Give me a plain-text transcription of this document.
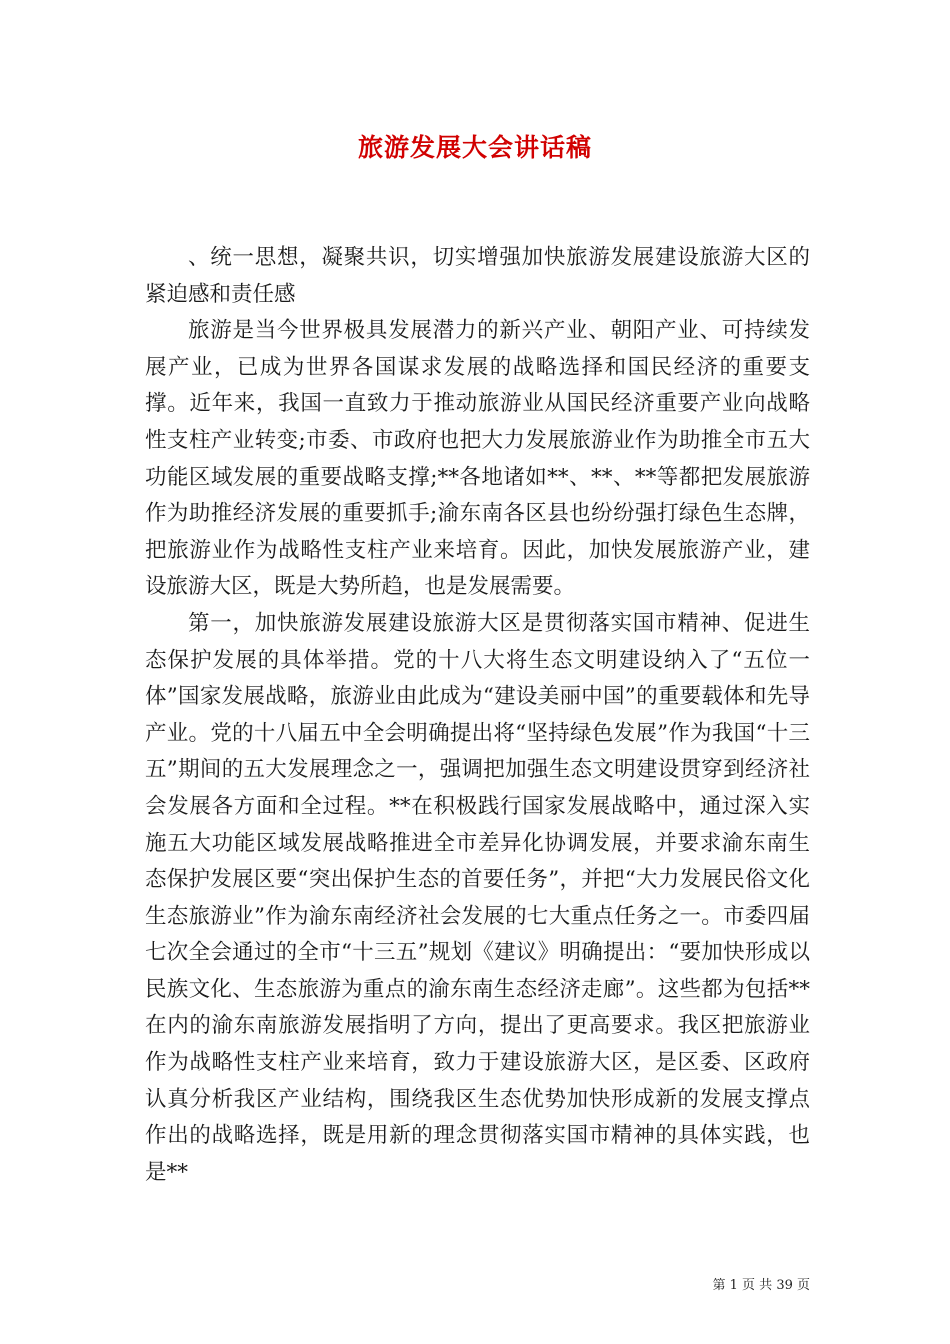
旅游发展大会讲话稿

、统一思想，凝聚共识，切实增强加快旅游发展建设旅游大区的紧迫感和责任感

旅游是当今世界极具发展潜力的新兴产业、朝阳产业、可持续发展产业，已成为世界各国谋求发展的战略选择和国民经济的重要支撑。近年来，我国一直致力于推动旅游业从国民经济重要产业向战略性支柱产业转变;市委、市政府也把大力发展旅游业作为助推全市五大功能区域发展的重要战略支撑;**各地诸如**、**、**等都把发展旅游作为助推经济发展的重要抓手;渝东南各区县也纷纷强打绿色生态牌，把旅游业作为战略性支柱产业来培育。因此，加快发展旅游产业，建设旅游大区，既是大势所趋，也是发展需要。

第一，加快旅游发展建设旅游大区是贯彻落实国市精神、促进生态保护发展的具体举措。党的十八大将生态文明建设纳入了“五位一体”国家发展战略，旅游业由此成为“建设美丽中国”的重要载体和先导产业。党的十八届五中全会明确提出将“坚持绿色发展”作为我国“十三五”期间的五大发展理念之一，强调把加强生态文明建设贯穿到经济社会发展各方面和全过程。**在积极践行国家发展战略中，通过深入实施五大功能区域发展战略推进全市差异化协调发展，并要求渝东南生态保护发展区要“突出保护生态的首要任务”，并把“大力发展民俗文化生态旅游业”作为渝东南经济社会发展的七大重点任务之一。市委四届七次全会通过的全市“十三五”规划《建议》明确提出：“要加快形成以民族文化、生态旅游为重点的渝东南生态经济走廊”。这些都为包括**在内的渝东南旅游发展指明了方向，提出了更高要求。我区把旅游业作为战略性支柱产业来培育，致力于建设旅游大区，是区委、区政府认真分析我区产业结构，围绕我区生态优势加快形成新的发展支撑点作出的战略选择，既是用新的理念贯彻落实国市精神的具体实践，也是**

第 1 页 共 39 页
